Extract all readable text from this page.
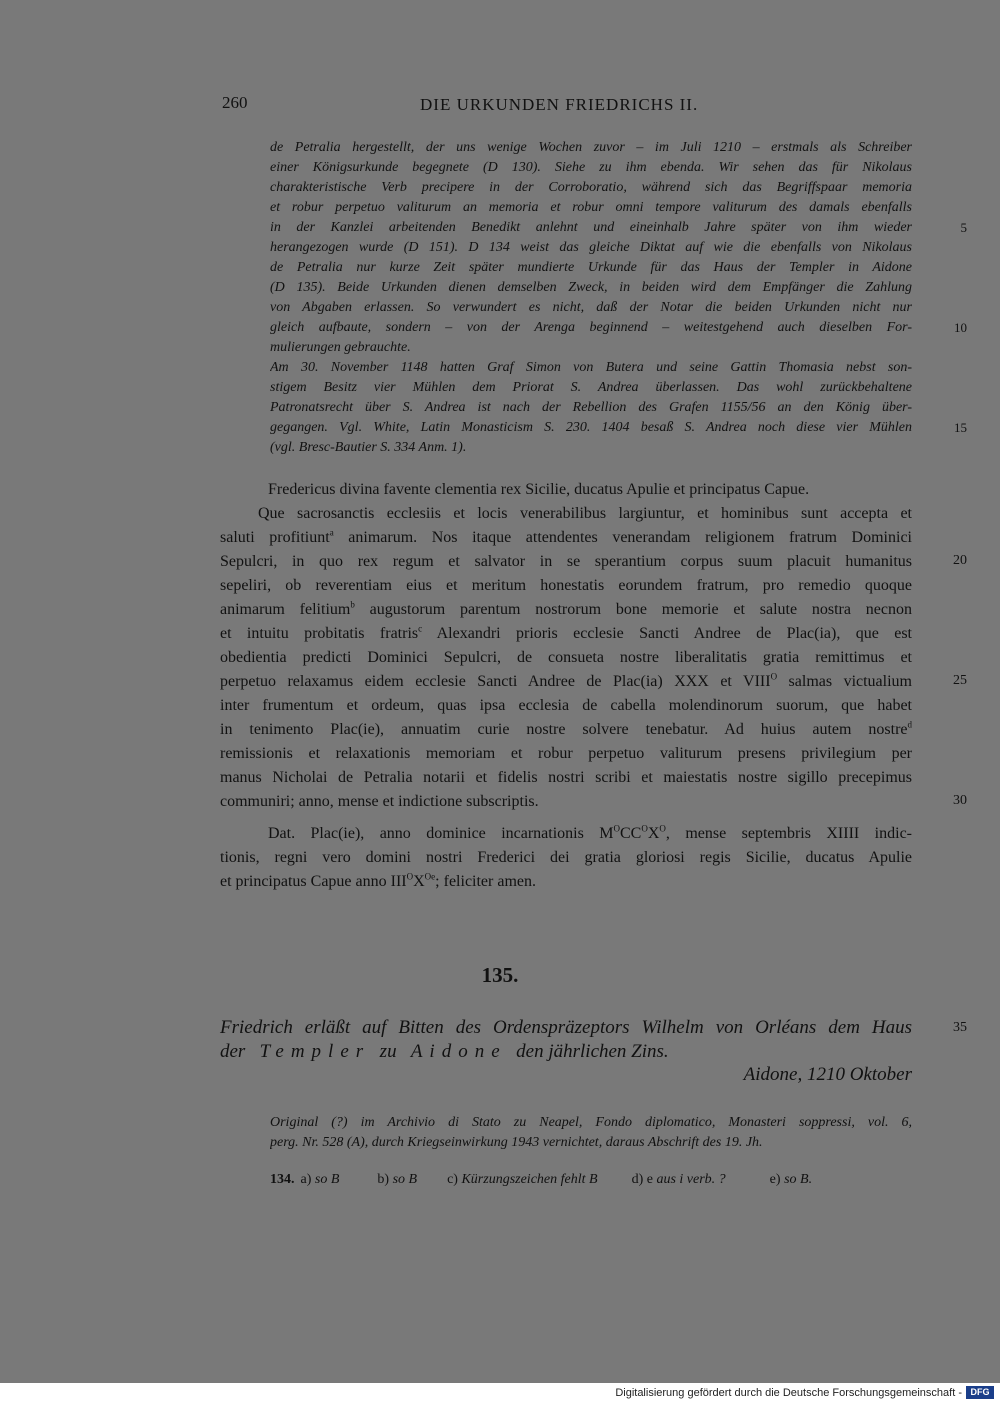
260	DIE URKUNDEN FRIEDRICHS II.
de Petralia hergestellt, der uns wenige Wochen zuvor – im Juli 1210 – erstmals als Schreiber
einer Königsurkunde begegnete (D 130). Siehe zu ihm ebenda. Wir sehen das für Nikolaus
charakteristische Verb precipere in der Corroboratio, während sich das Begriffspaar memoria
et robur perpetuo valiturum an memoria et robur omni tempore valiturum des damals ebenfalls
in der Kanzlei arbeitenden Benedikt anlehnt und eineinhalb Jahre später von ihm wieder
herangezogen wurde (D 151). D 134 weist das gleiche Diktat auf wie die ebenfalls von Nikolaus
de Petralia nur kurze Zeit später mundierte Urkunde für das Haus der Templer in Aidone
(D 135). Beide Urkunden dienen demselben Zweck, in beiden wird dem Empfänger die Zahlung
von Abgaben erlassen. So verwundert es nicht, daß der Notar die beiden Urkunden nicht nur
gleich aufbaute, sondern – von der Arenga beginnend – weitestgehend auch dieselben For-
mulierungen gebrauchte.
Am 30. November 1148 hatten Graf Simon von Butera und seine Gattin Thomasia nebst son-
stigem Besitz vier Mühlen dem Priorat S. Andrea überlassen. Das wohl zurückbehaltene
Patronatsrecht über S. Andrea ist nach der Rebellion des Grafen 1155/56 an den König über-
gegangen. Vgl. White, Latin Monasticism S. 230. 1404 besaß S. Andrea noch diese vier Mühlen
(vgl. Bresc-Bautier S. 334 Anm. 1).
5
10
15
Fredericus divina favente clementia rex Sicilie, ducatus Apulie et principatus Capue.
Que sacrosanctis ecclesiis et locis venerabilibus largiuntur, et hominibus sunt accepta et
saluti profitiunt$^a$ animarum. Nos itaque attendentes venerandam religionem fratrum Dominici
Sepulcri, in quo rex regum et salvator in se sperantium corpus suum placuit humanitus
sepeliri, ob reverentiam eius et meritum honestatis eorundem fratrum, pro remedio quoque
animarum felitium$^b$ augustorum parentum nostrorum bone memorie et salute nostra necnon
et intuitu probitatis fratris$^c$ Alexandri prioris ecclesie Sancti Andree de Plac(ia), que est
obedientia predicti Dominici Sepulcri, de consueta nostre liberalitatis gratia remittimus et
perpetuo relaxamus eidem ecclesie Sancti Andree de Plac(ia) XXX et $VIII^O$ salmas victualium
inter frumentum et ordeum, quas ipsa ecclesia de cabella molendinorum suorum, que habet
in tenimento Plac(ie), annuatim curie nostre solvere tenebatur. Ad huius autem nostre$^d$
remissionis et relaxationis memoriam et robur perpetuo valiturum presens privilegium per
manus Nicholai de Petralia notarii et fidelis nostri scribi et maiestatis nostre sigillo precepimus
communiri; anno, mense et indictione subscriptis.
20
25
30
Dat. Plac(ie), anno dominice incarnationis $M^OCC^OX^O$, mense septembris XIIII indic-
tionis, regni vero domini nostri Frederici dei gratia gloriosi regis Sicilie, ducatus Apulie
et principatus Capue anno $III^OX^{Oe}$; feliciter amen.
135.
Friedrich erläßt auf Bitten des Ordenspräzeptors Wilhelm von Orléans dem Haus
der Templer zu Aidone den jährlichen Zins.
35
Aidone, 1210 Oktober
Original (?) im Archivio di Stato zu Neapel, Fondo diplomatico, Monasteri soppressi, vol. 6,
perg. Nr. 528 (A), durch Kriegseinwirkung 1943 vernichtet, daraus Abschrift des 19. Jh.
134. a)
so B	b)
so B c)
Kürzungszeichen fehlt B d)
e
aus i verb. ?	e)
so B.
Digitalisierung gefördert durch die Deutsche Forschungsgemeinschaft - DFG
